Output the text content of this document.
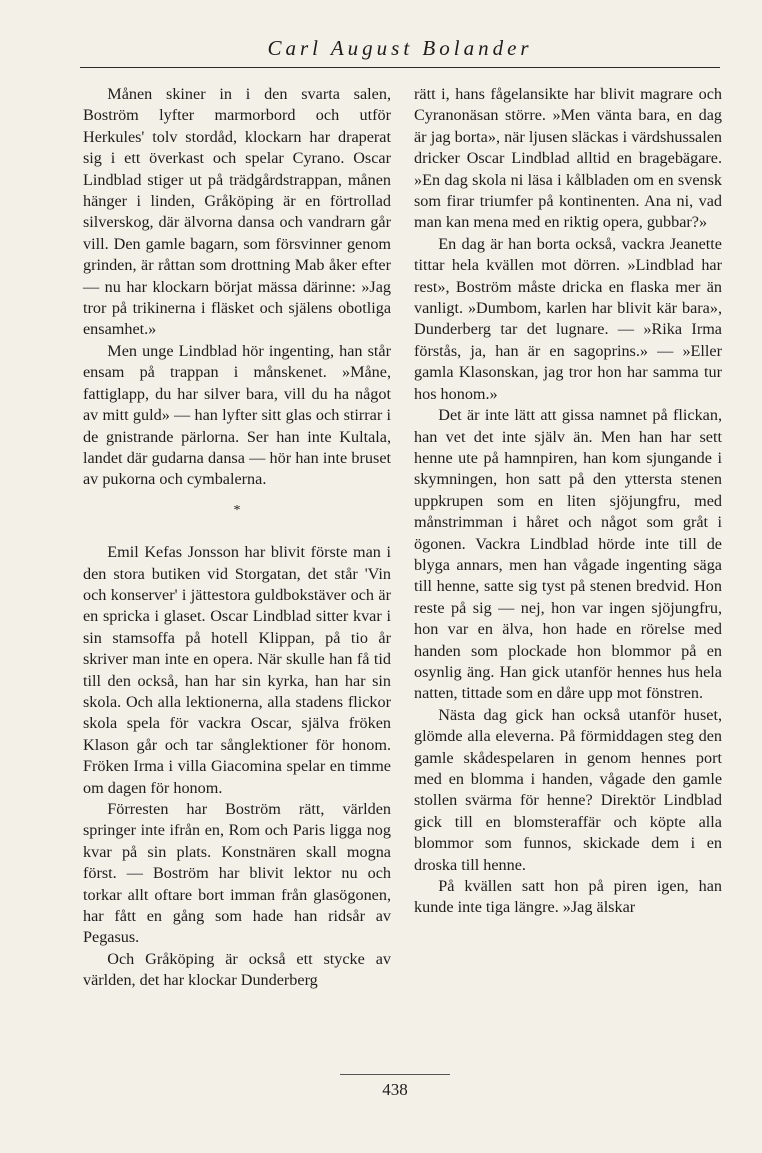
Carl August Bolander

Månen skiner in i den svarta salen, Boström lyfter marmorbord och utför Herkules' tolv stordåd, klockarn har draperat sig i ett överkast och spelar Cyrano. Oscar Lindblad stiger ut på trädgårdstrappan, månen hänger i linden, Gråköping är en förtrollad silverskog, där älvorna dansa och vandrarn går vill. Den gamle bagarn, som försvinner genom grinden, är råttan som drottning Mab åker efter — nu har klockarn börjat mässa därinne: »Jag tror på trikinerna i fläsket och själens obotliga ensamhet.»

Men unge Lindblad hör ingenting, han står ensam på trappan i månskenet. »Måne, fattiglapp, du har silver bara, vill du ha något av mitt guld» — han lyfter sitt glas och stirrar i de gnistrande pärlorna. Ser han inte Kultala, landet där gudarna dansa — hör han inte bruset av pukorna och cymbalerna.

*

Emil Kefas Jonsson har blivit förste man i den stora butiken vid Storgatan, det står 'Vin och konserver' i jättestora guldbokstäver och är en spricka i glaset. Oscar Lindblad sitter kvar i sin stamsoffa på hotell Klippan, på tio år skriver man inte en opera. När skulle han få tid till den också, han har sin kyrka, han har sin skola. Och alla lektionerna, alla stadens flickor skola spela för vackra Oscar, själva fröken Klason går och tar sånglektioner för honom. Fröken Irma i villa Giacomina spelar en timme om dagen för honom.

Förresten har Boström rätt, världen springer inte ifrån en, Rom och Paris ligga nog kvar på sin plats. Konstnären skall mogna först. — Boström har blivit lektor nu och torkar allt oftare bort imman från glasögonen, har fått en gång som hade han ridsår av Pegasus.

Och Gråköping är också ett stycke av världen, det har klockar Dunderberg

rätt i, hans fågelansikte har blivit magrare och Cyranonäsan större. »Men vänta bara, en dag är jag borta», när ljusen släckas i värdshussalen dricker Oscar Lindblad alltid en bragebägare. »En dag skola ni läsa i kålbladen om en svensk som firar triumfer på kontinenten. Ana ni, vad man kan mena med en riktig opera, gubbar?»

En dag är han borta också, vackra Jeanette tittar hela kvällen mot dörren. »Lindblad har rest», Boström måste dricka en flaska mer än vanligt. »Dumbom, karlen har blivit kär bara», Dunderberg tar det lugnare. — »Rika Irma förstås, ja, han är en sagoprins.» — »Eller gamla Klasonskan, jag tror hon har samma tur hos honom.»

Det är inte lätt att gissa namnet på flickan, han vet det inte själv än. Men han har sett henne ute på hamnpiren, han kom sjungande i skymningen, hon satt på den yttersta stenen uppkrupen som en liten sjöjungfru, med månstrimman i håret och något som gråt i ögonen. Vackra Lindblad hörde inte till de blyga annars, men han vågade ingenting säga till henne, satte sig tyst på stenen bredvid. Hon reste på sig — nej, hon var ingen sjöjungfru, hon var en älva, hon hade en rörelse med handen som plockade hon blommor på en osynlig äng. Han gick utanför hennes hus hela natten, tittade som en dåre upp mot fönstren.

Nästa dag gick han också utanför huset, glömde alla eleverna. På förmiddagen steg den gamle skådespelaren in genom hennes port med en blomma i handen, vågade den gamle stollen svärma för henne? Direktör Lindblad gick till en blomsteraffär och köpte alla blommor som funnos, skickade dem i en droska till henne.

På kvällen satt hon på piren igen, han kunde inte tiga längre. »Jag älskar

438
